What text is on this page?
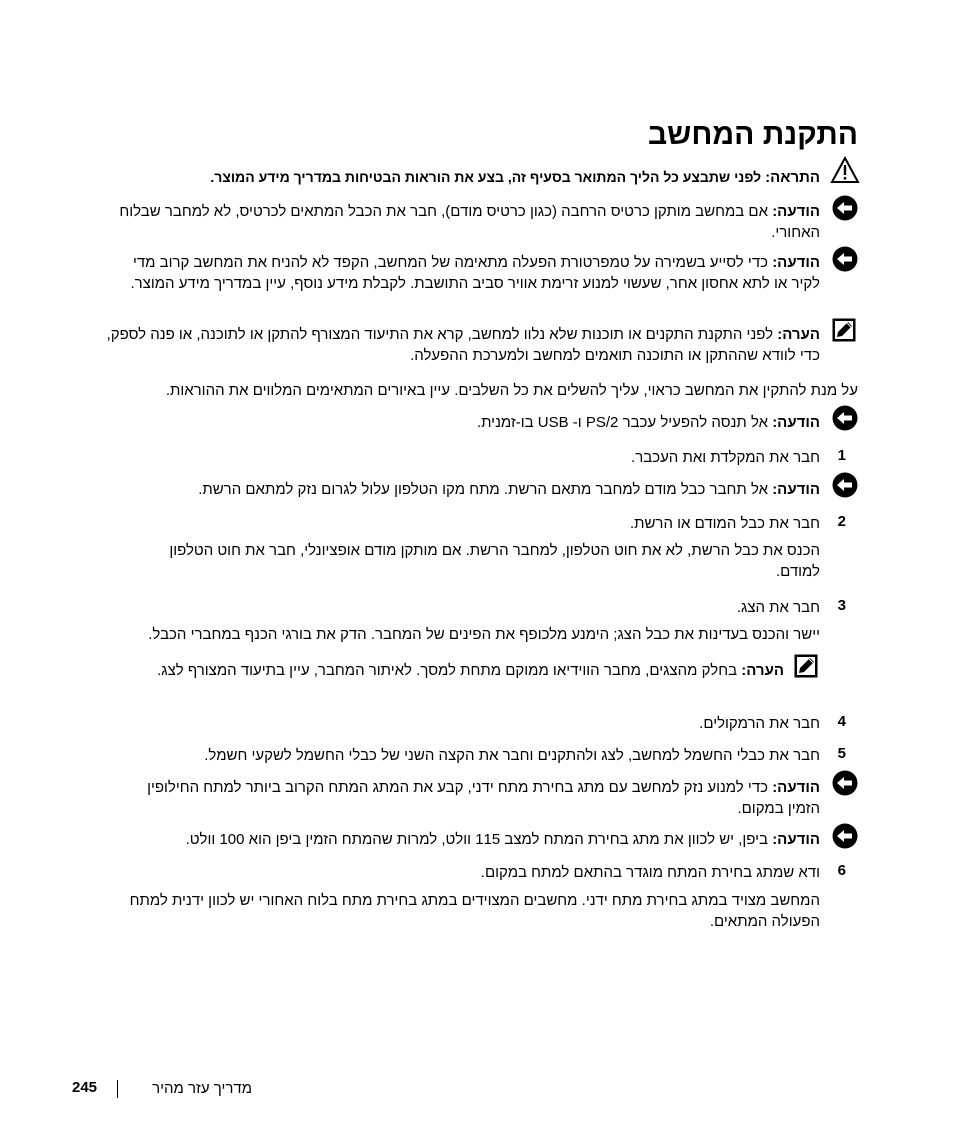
התקנת המחשב
התראה: לפני שתבצע כל הליך המתואר בסעיף זה, בצע את הוראות הבטיחות במדריך מידע המוצר.
הודעה: אם במחשב מותקן כרטיס הרחבה (כגון כרטיס מודם), חבר את הכבל המתאים לכרטיס, לא למחבר שבלוח האחורי.
הודעה: כדי לסייע בשמירה על טמפרטורת הפעלה מתאימה של המחשב, הקפד לא להניח את המחשב קרוב מדי לקיר או לתא אחסון אחר, שעשוי למנוע זרימת אוויר סביב התושבת. לקבלת מידע נוסף, עיין במדריך מידע המוצר.
הערה: לפני התקנת התקנים או תוכנות שלא נלוו למחשב, קרא את התיעוד המצורף להתקן או לתוכנה, או פנה לספק, כדי לוודא שההתקן או התוכנה תואמים למחשב ולמערכת ההפעלה.
על מנת להתקין את המחשב כראוי, עליך להשלים את כל השלבים. עיין באיורים המתאימים המלווים את ההוראות.
הודעה: אל תנסה להפעיל עכבר PS/2 ו- USB בו-זמנית.
1
חבר את המקלדת ואת העכבר.
הודעה: אל תחבר כבל מודם למחבר מתאם הרשת. מתח מקו הטלפון עלול לגרום נזק למתאם הרשת.
2
חבר את כבל המודם או הרשת.
הכנס את כבל הרשת, לא את חוט הטלפון, למחבר הרשת. אם מותקן מודם אופציונלי, חבר את חוט הטלפון למודם.
3
חבר את הצג.
יישר והכנס בעדינות את כבל הצג; הימנע מלכופף את הפינים של המחבר. הדק את בורגי הכנף במחברי הכבל.
הערה: בחלק מהצגים, מחבר הווידיאו ממוקם מתחת למסך. לאיתור המחבר, עיין בתיעוד המצורף לצג.
4
חבר את הרמקולים.
5
חבר את כבלי החשמל למחשב, לצג ולהתקנים וחבר את הקצה השני של כבלי החשמל לשקעי חשמל.
הודעה: כדי למנוע נזק למחשב עם מתג בחירת מתח ידני, קבע את המתג המתח הקרוב ביותר למתח החילופין הזמין במקום.
הודעה: ביפן, יש לכוון את מתג בחירת המתח למצב 115 וולט, למרות שהמתח הזמין ביפן הוא 100 וולט.
6
ודא שמתג בחירת המתח מוגדר בהתאם למתח במקום.
המחשב מצויד במתג בחירת מתח ידני. מחשבים המצוידים במתג בחירת מתח בלוח האחורי יש לכוון ידנית למתח הפעולה המתאים.
מדריך עזר מהיר
245
